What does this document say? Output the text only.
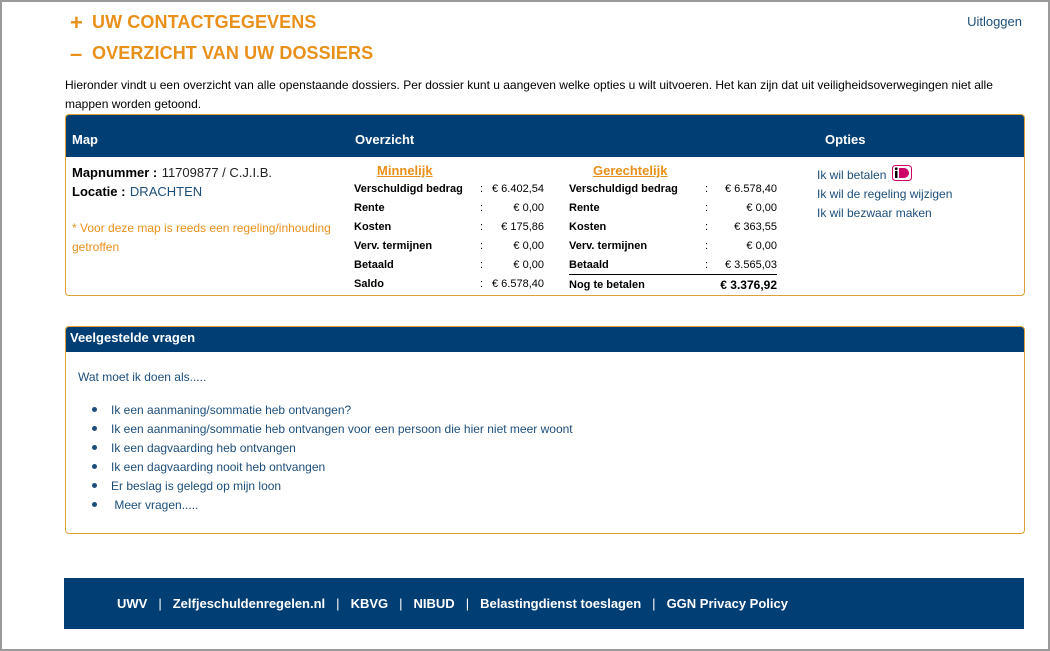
Uitloggen
+ UW CONTACTGEGEVENS
– OVERZICHT VAN UW DOSSIERS

Hieronder vindt u een overzicht van alle openstaande dossiers. Per dossier kunt u aangeven welke opties u wilt uitvoeren. Het kan zijn dat uit veiligheidsoverwegingen niet alle mappen worden getoond.

Map	Overzicht	Opties
Mapnummer : 11709877 / C.J.I.B.
Locatie : DRACHTEN
* Voor deze map is reeds een regeling/inhouding getroffen
Minnelijk	Gerechtelijk
Verschuldigd bedrag : € 6.402,54
Rente	:	€ 0,00
Kosten	: € 175,86
Verv. termijnen	:	€ 0,00
Betaald	:	€ 0,00
Saldo	: € 6.578,40
Verschuldigd bedrag : € 6.578,40
Rente	:	€ 0,00
Kosten	: € 363,55
Verv. termijnen	:	€ 0,00
Betaald	: € 3.565,03
Nog te betalen	€ 3.376,92
Ik wil betalen
Ik wil de regeling wijzigen
Ik wil bezwaar maken
Veelgestelde vragen
Wat moet ik doen als.....
Ik een aanmaning/sommatie heb ontvangen?
Ik een aanmaning/sommatie heb ontvangen voor een persoon die hier niet meer woont
Ik een dagvaarding heb ontvangen
Ik een dagvaarding nooit heb ontvangen
Er beslag is gelegd op mijn loon
Meer vragen.....
UWV | Zelfjeschuldenregelen.nl | KBVG | NIBUD | Belastingdienst toeslagen | GGN Privacy Policy
